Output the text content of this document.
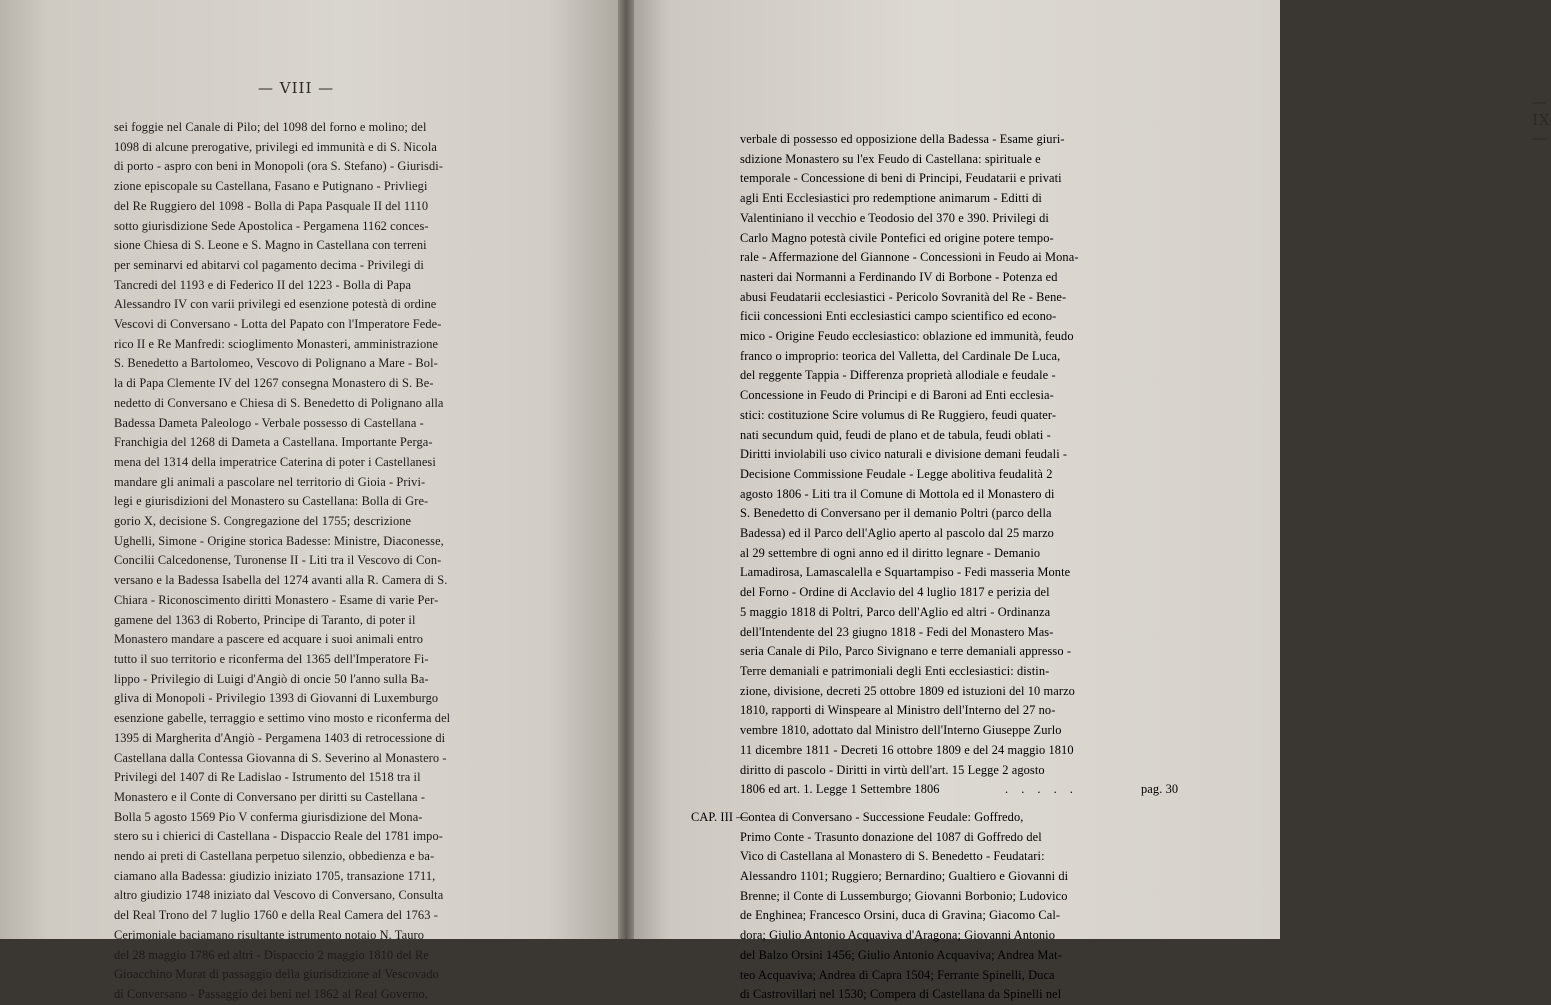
— VIII —
sei foggie nel Canale di Pilo; del 1098 del forno e molino; del
1098 di alcune prerogative, privilegi ed immunità e di S. Nicola
di porto - aspro con beni in Monopoli (ora S. Stefano) - Giurisdi-
zione episcopale su Castellana, Fasano e Putignano - Privliegi
del Re Ruggiero del 1098 - Bolla di Papa Pasquale II del 1110
sotto giurisdizione Sede Apostolica - Pergamena 1162 conces-
sione Chiesa di S. Leone e S. Magno in Castellana con terreni
per seminarvi ed abitarvi col pagamento decima - Privilegi di
Tancredi del 1193 e di Federico II del 1223 - Bolla di Papa
Alessandro IV con varii privilegi ed esenzione potestà di ordine
Vescovi di Conversano - Lotta del Papato con l'Imperatore Fede-
rico II e Re Manfredi: scioglimento Monasteri, amministrazione
S. Benedetto a Bartolomeo, Vescovo di Polignano a Mare - Bol-
la di Papa Clemente IV del 1267 consegna Monastero di S. Be-
nedetto di Conversano e Chiesa di S. Benedetto di Polignano alla
Badessa Dameta Paleologo - Verbale possesso di Castellana -
Franchigia del 1268 di Dameta a Castellana. Importante Perga-
mena del 1314 della imperatrice Caterina di poter i Castellanesi
mandare gli animali a pascolare nel territorio di Gioia - Privi-
legi e giurisdizioni del Monastero su Castellana: Bolla di Gre-
gorio X, decisione S. Congregazione del 1755; descrizione
Ughelli, Simone - Origine storica Badesse: Ministre, Diaconesse,
Concilii Calcedonense, Turonense II - Liti tra il Vescovo di Con-
versano e la Badessa Isabella del 1274 avanti alla R. Camera di S.
Chiara - Riconoscimento diritti Monastero - Esame di varie Per-
gamene del 1363 di Roberto, Principe di Taranto, di poter il
Monastero mandare a pascere ed acquare i suoi animali entro
tutto il suo territorio e riconferma del 1365 dell'Imperatore Fi-
lippo - Privilegio di Luigi d'Angiò di oncie 50 l'anno sulla Ba-
gliva di Monopoli - Privilegio 1393 di Giovanni di Luxemburgo
esenzione gabelle, terraggio e settimo vino mosto e riconferma del
1395 di Margherita d'Angiò - Pergamena 1403 di retrocessione di
Castellana dalla Contessa Giovanna di S. Severino al Monastero -
Privilegi del 1407 di Re Ladislao - Istrumento del 1518 tra il
Monastero e il Conte di Conversano per diritti su Castellana -
Bolla 5 agosto 1569 Pio V conferma giurisdizione del Mona-
stero su i chierici di Castellana - Dispaccio Reale del 1781 impo-
nendo ai preti di Castellana perpetuo silenzio, obbedienza e ba-
ciamano alla Badessa: giudizio iniziato 1705, transazione 1711,
altro giudizio 1748 iniziato dal Vescovo di Conversano, Consulta
del Real Trono del 7 luglio 1760 e della Real Camera del 1763 -
Cerimoniale baciamano risultante istrumento notaio N. Tauro
del 28 maggio 1786 ed altri - Dispaccio 2 maggio 1810 del Re
Gioacchino Murat di passaggio della giurisdizione al Vescovado
di Conversano - Passaggio dei beni nel 1862 al Real Governo,
— IX —
verbale di possesso ed opposizione della Badessa - Esame giuri-
sdizione Monastero su l'ex Feudo di Castellana: spirituale e
temporale - Concessione di beni di Principi, Feudatarii e privati
agli Enti Ecclesiastici pro redemptione animarum - Editti di
Valentiniano il vecchio e Teodosio del 370 e 390. Privilegi di
Carlo Magno potestà civile Pontefici ed origine potere tempo-
rale - Affermazione del Giannone - Concessioni in Feudo ai Mona-
nasteri dai Normanni a Ferdinando IV di Borbone - Potenza ed
abusi Feudatarii ecclesiastici - Pericolo Sovranità del Re - Bene-
ficii concessioni Enti ecclesiastici campo scientifico ed econo-
mico - Origine Feudo ecclesiastico: oblazione ed immunità, feudo
franco o improprio: teorica del Valletta, del Cardinale De Luca,
del reggente Tappia - Differenza proprietà allodiale e feudale -
Concessione in Feudo di Principi e di Baroni ad Enti ecclesia-
stici: costituzione Scire volumus di Re Ruggiero, feudi quater-
nati secundum quid, feudi de plano et de tabula, feudi oblati -
Diritti inviolabili uso civico naturali e divisione demani feudali -
Decisione Commissione Feudale - Legge abolitiva feudalità 2
agosto 1806 - Liti tra il Comune di Mottola ed il Monastero di
S. Benedetto di Conversano per il demanio Poltri (parco della
Badessa) ed il Parco dell'Aglio aperto al pascolo dal 25 marzo
al 29 settembre di ogni anno ed il diritto legnare - Demanio
Lamadirosa, Lamascalella e Squartampiso - Fedi masseria Monte
del Forno - Ordine di Acclavio del 4 luglio 1817 e perizia del
5 maggio 1818 di Poltri, Parco dell'Aglio ed altri - Ordinanza
dell'Intendente del 23 giugno 1818 - Fedi del Monastero Mas-
seria Canale di Pilo, Parco Sivignano e terre demaniali appresso -
Terre demaniali e patrimoniali degli Enti ecclesiastici: distin-
zione, divisione, decreti 25 ottobre 1809 ed istuzioni del 10 marzo
1810, rapporti di Winspeare al Ministro dell'Interno del 27 no-
vembre 1810, adottato dal Ministro dell'Interno Giuseppe Zurlo
11 dicembre 1811 - Decreti 16 ottobre 1809 e del 24 maggio 1810
diritto di pascolo - Diritti in virtù dell'art. 15 Legge 2 agosto
1806 ed art. 1. Legge 1 Settembre 1806	. . . . .	pag. 30
CAP. III —
Contea di Conversano - Successione Feudale: Goffredo,
Primo Conte - Trasunto donazione del 1087 di Goffredo del
Vico di Castellana al Monastero di S. Benedetto - Feudatari:
Alessandro 1101; Ruggiero; Bernardino; Gualtiero e Giovanni di
Brenne; il Conte di Lussemburgo; Giovanni Borbonio; Ludovico
de Enghinea; Francesco Orsini, duca di Gravina; Giacomo Cal-
dora; Giulio Antonio Acquaviva d'Aragona; Giovanni Antonio
del Balzo Orsini 1456; Giulio Antonio Acquaviva; Andrea Mat-
teo Acquaviva; Andrea di Capra 1504; Ferrante Spinelli, Duca
di Castrovillari nel 1530; Compera di Castellana da Spinelli nel
